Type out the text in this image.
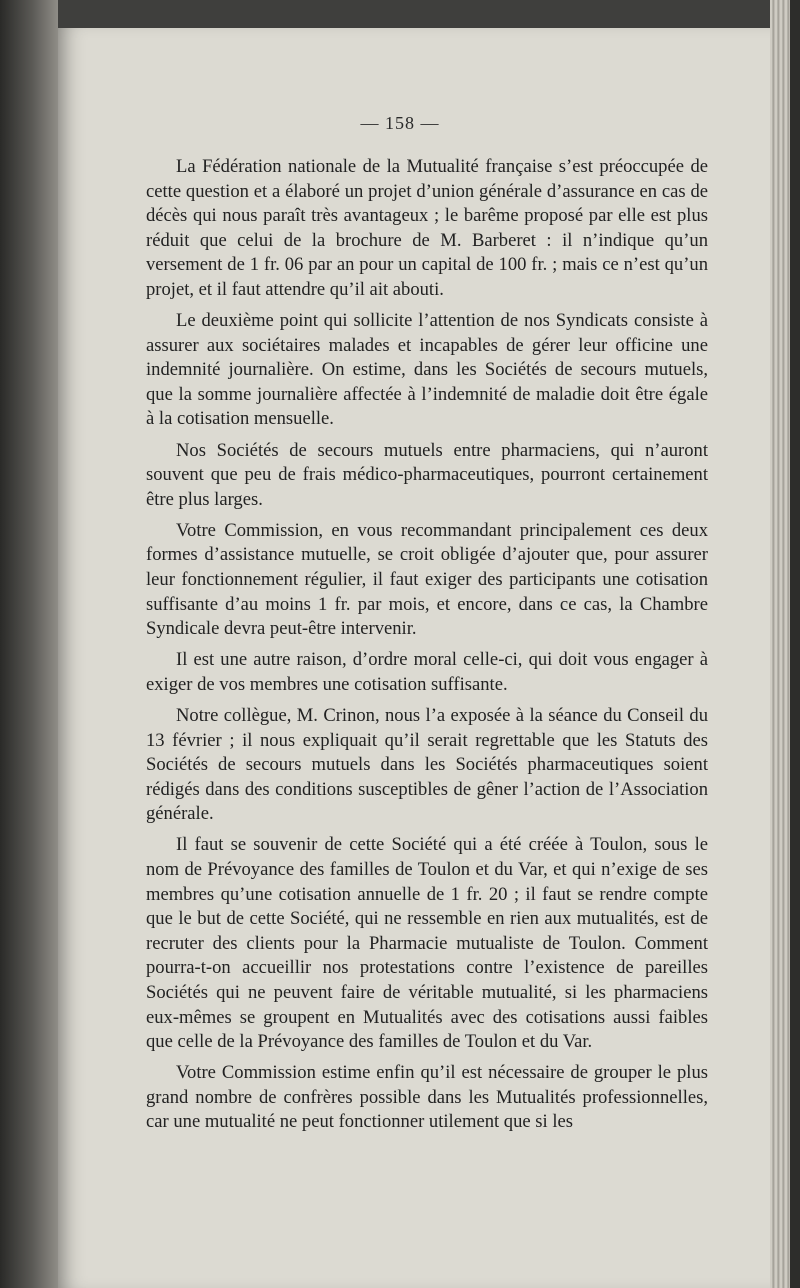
— 158 —

La Fédération nationale de la Mutualité française s’est préoccupée de cette question et a élaboré un projet d’union générale d’assurance en cas de décès qui nous paraît très avantageux ; le barême proposé par elle est plus réduit que celui de la brochure de M. Barberet : il n’indique qu’un versement de 1 fr. 06 par an pour un capital de 100 fr. ; mais ce n’est qu’un projet, et il faut attendre qu’il ait abouti.

Le deuxième point qui sollicite l’attention de nos Syndicats consiste à assurer aux sociétaires malades et incapables de gérer leur officine une indemnité journalière. On estime, dans les Sociétés de secours mutuels, que la somme journalière affectée à l’indemnité de maladie doit être égale à la cotisation mensuelle.

Nos Sociétés de secours mutuels entre pharmaciens, qui n’auront souvent que peu de frais médico-pharmaceutiques, pourront certainement être plus larges.

Votre Commission, en vous recommandant principalement ces deux formes d’assistance mutuelle, se croit obligée d’ajouter que, pour assurer leur fonctionnement régulier, il faut exiger des participants une cotisation suffisante d’au moins 1 fr. par mois, et encore, dans ce cas, la Chambre Syndicale devra peut-être intervenir.

Il est une autre raison, d’ordre moral celle-ci, qui doit vous engager à exiger de vos membres une cotisation suffisante.

Notre collègue, M. Crinon, nous l’a exposée à la séance du Conseil du 13 février ; il nous expliquait qu’il serait regrettable que les Statuts des Sociétés de secours mutuels dans les Sociétés pharmaceutiques soient rédigés dans des conditions susceptibles de gêner l’action de l’Association générale.

Il faut se souvenir de cette Société qui a été créée à Toulon, sous le nom de Prévoyance des familles de Toulon et du Var, et qui n’exige de ses membres qu’une cotisation annuelle de 1 fr. 20 ; il faut se rendre compte que le but de cette Société, qui ne ressemble en rien aux mutualités, est de recruter des clients pour la Pharmacie mutualiste de Toulon. Comment pourra-t-on accueillir nos protestations contre l’existence de pareilles Sociétés qui ne peuvent faire de véritable mutualité, si les pharmaciens eux-mêmes se groupent en Mutualités avec des cotisations aussi faibles que celle de la Prévoyance des familles de Toulon et du Var.

Votre Commission estime enfin qu’il est nécessaire de grouper le plus grand nombre de confrères possible dans les Mutualités professionnelles, car une mutualité ne peut fonctionner utilement que si les
